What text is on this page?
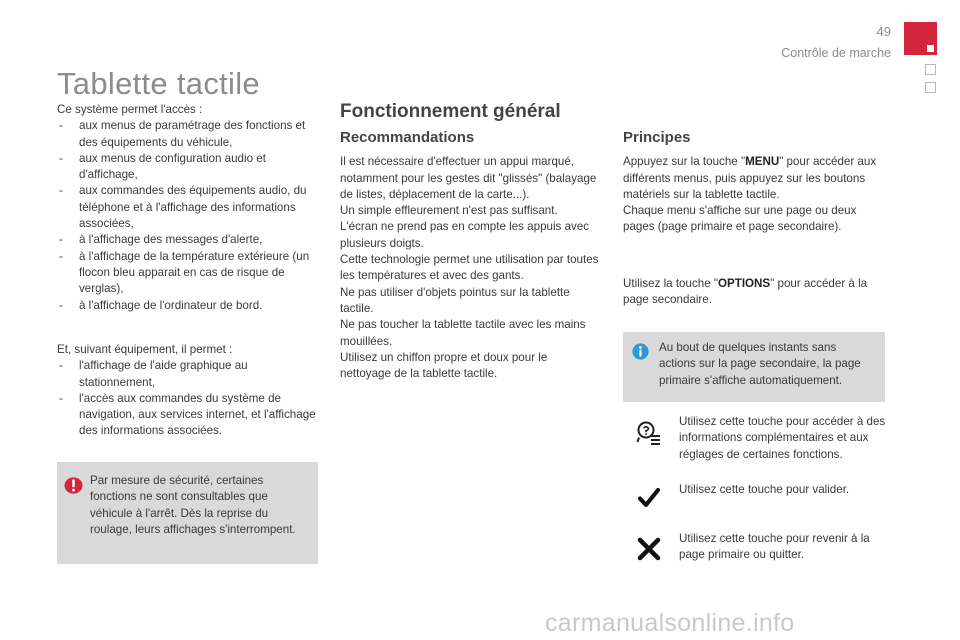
49
Contrôle de marche
Tablette tactile

Ce système permet l'accès :

- aux menus de paramétrage des fonctions et des équipements du véhicule,
- aux menus de configuration audio et d'affichage,
- aux commandes des équipements audio, du téléphone et à l'affichage des informations associées,
- à l'affichage des messages d'alerte,
- à l'affichage de la température extérieure (un flocon bleu apparait en cas de risque de verglas),
- à l'affichage de l'ordinateur de bord.

Et, suivant équipement, il permet :

- l'affichage de l'aide graphique au stationnement,
- l'accès aux commandes du système de navigation, aux services internet, et l'affichage des informations associées.

Par mesure de sécurité, certaines fonctions ne sont consultables que véhicule à l'arrêt. Dès la reprise du roulage, leurs affichages s'interrompent.

Fonctionnement général
Recommandations

Il est nécessaire d'effectuer un appui marqué, notamment pour les gestes dit "glissés" (balayage de listes, déplacement de la carte...).

Un simple effleurement n'est pas suffisant.

L'écran ne prend pas en compte les appuis avec plusieurs doigts.

Cette technologie permet une utilisation par toutes les températures et avec des gants.

Ne pas utiliser d'objets pointus sur la tablette tactile.

Ne pas toucher la tablette tactile avec les mains mouillées.

Utilisez un chiffon propre et doux pour le nettoyage de la tablette tactile.

Principes

Appuyez sur la touche "MENU" pour accéder aux différents menus, puis appuyez sur les boutons matériels sur la tablette tactile.

Chaque menu s'affiche sur une page ou deux pages (page primaire et page secondaire).

Utilisez la touche "OPTIONS" pour accéder à la page secondaire.

Au bout de quelques instants sans actions sur la page secondaire, la page primaire s'affiche automatiquement.

Utilisez cette touche pour accéder à des informations complémentaires et aux réglages de certaines fonctions.

Utilisez cette touche pour valider.

Utilisez cette touche pour revenir à la page primaire ou quitter.

carmanualsonline.info
